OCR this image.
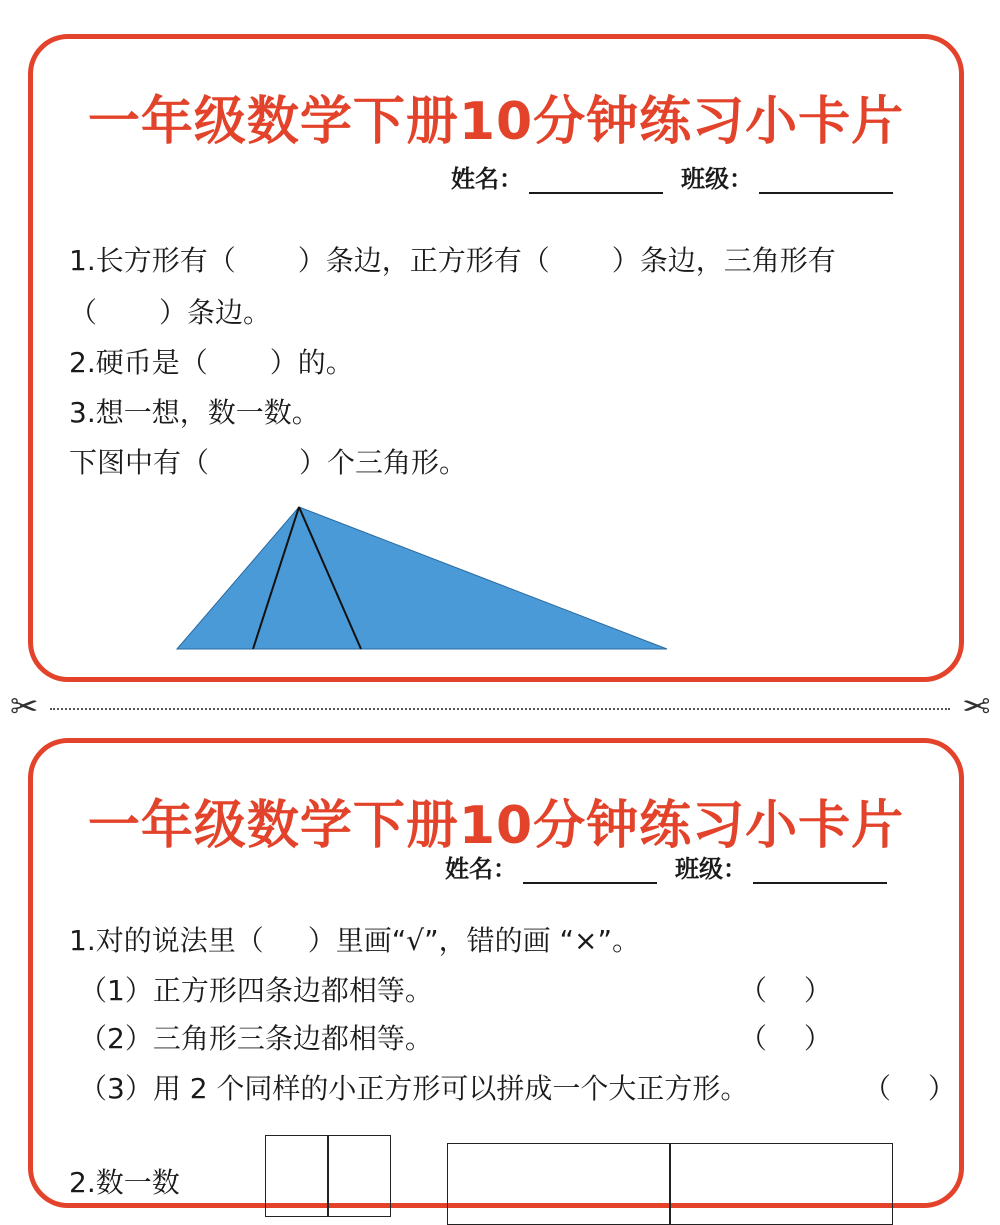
一年级数学下册10分钟练习小卡片
姓名：	班级：
1.长方形有（ ）条边，正方形有（ ）条边，三角形有
（ ）条边。
2.硬币是（ ）的。
3.想一想，数一数。
下图中有（	）个三角形。
✂	✂
一年级数学下册10分钟练习小卡片
姓名：	班级：
1.对的说法里（ ）里画“√”，错的画 “×”。
（1）正方形四条边都相等。	（　 ）
（2）三角形三条边都相等。	（　 ）
（3）用 2 个同样的小正方形可以拼成一个大正方形。	（　 ）
2.数一数
